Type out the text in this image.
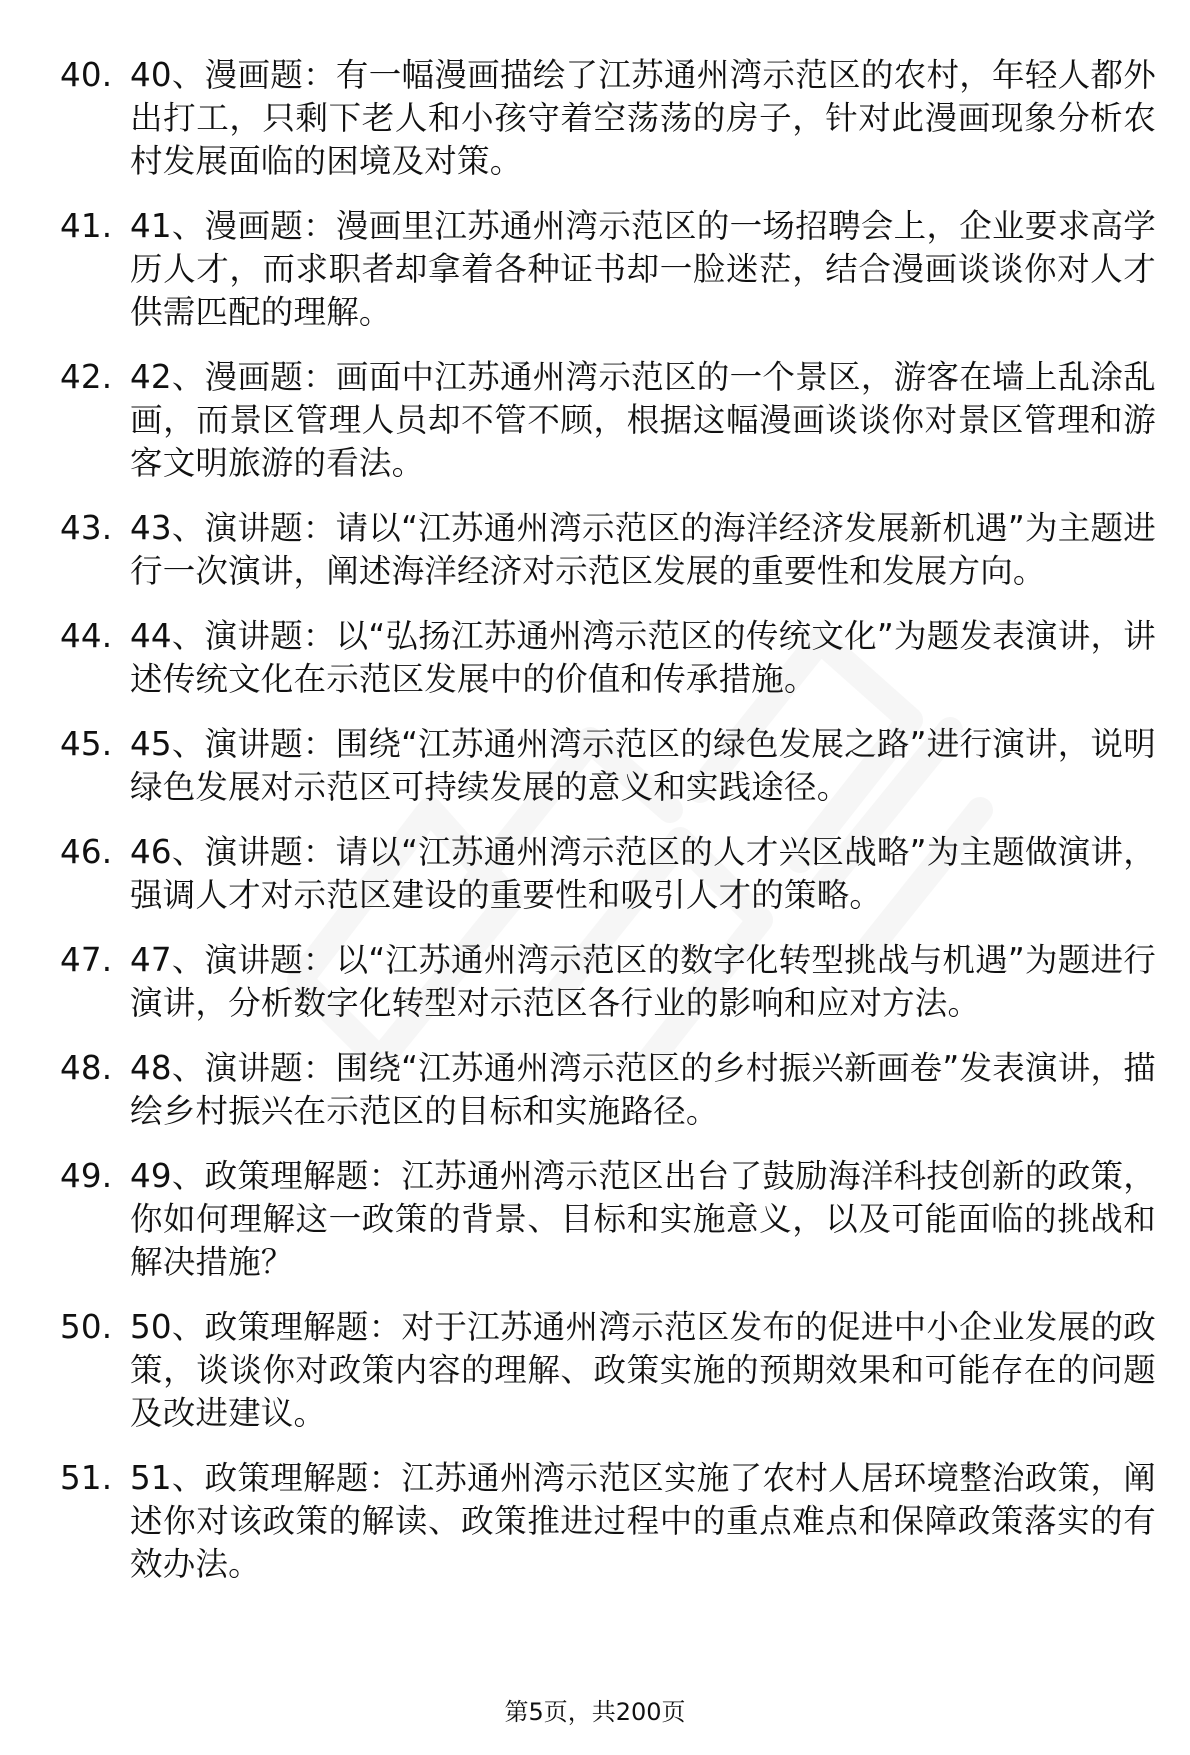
40. 40、漫画题：有一幅漫画描绘了江苏通州湾示范区的农村，年轻人都外出打工，只剩下老人和小孩守着空荡荡的房子，针对此漫画现象分析农村发展面临的困境及对策。
41. 41、漫画题：漫画里江苏通州湾示范区的一场招聘会上，企业要求高学历人才，而求职者却拿着各种证书却一脸迷茫，结合漫画谈谈你对人才供需匹配的理解。
42. 42、漫画题：画面中江苏通州湾示范区的一个景区，游客在墙上乱涂乱画，而景区管理人员却不管不顾，根据这幅漫画谈谈你对景区管理和游客文明旅游的看法。
43. 43、演讲题：请以“江苏通州湾示范区的海洋经济发展新机遇”为主题进行一次演讲，阐述海洋经济对示范区发展的重要性和发展方向。
44. 44、演讲题：以“弘扬江苏通州湾示范区的传统文化”为题发表演讲，讲述传统文化在示范区发展中的价值和传承措施。
45. 45、演讲题：围绕“江苏通州湾示范区的绿色发展之路”进行演讲，说明绿色发展对示范区可持续发展的意义和实践途径。
46. 46、演讲题：请以“江苏通州湾示范区的人才兴区战略”为主题做演讲，强调人才对示范区建设的重要性和吸引人才的策略。
47. 47、演讲题：以“江苏通州湾示范区的数字化转型挑战与机遇”为题进行演讲，分析数字化转型对示范区各行业的影响和应对方法。
48. 48、演讲题：围绕“江苏通州湾示范区的乡村振兴新画卷”发表演讲，描绘乡村振兴在示范区的目标和实施路径。
49. 49、政策理解题：江苏通州湾示范区出台了鼓励海洋科技创新的政策，你如何理解这一政策的背景、目标和实施意义，以及可能面临的挑战和解决措施？
50. 50、政策理解题：对于江苏通州湾示范区发布的促进中小企业发展的政策，谈谈你对政策内容的理解、政策实施的预期效果和可能存在的问题及改进建议。
51. 51、政策理解题：江苏通州湾示范区实施了农村人居环境整治政策，阐述你对该政策的解读、政策推进过程中的重点难点和保障政策落实的有效办法。
第5页，共200页
